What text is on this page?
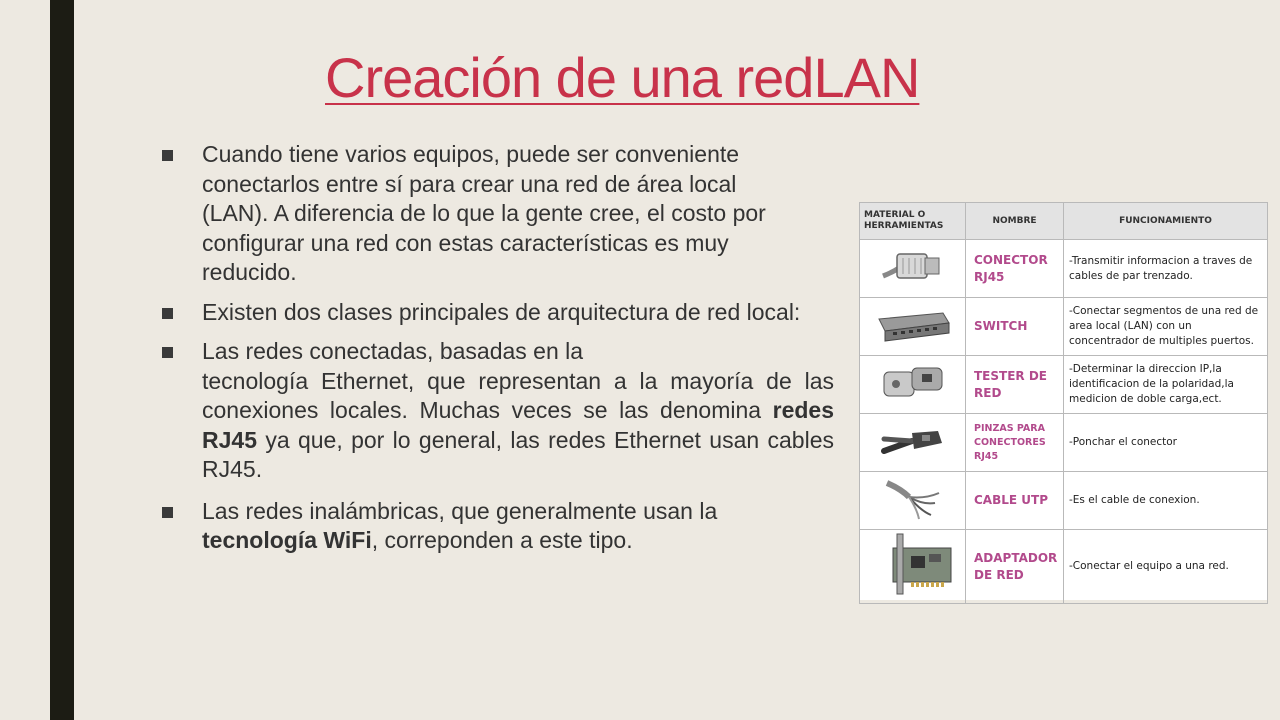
Creación de una redLAN
Cuando tiene varios equipos, puede ser conveniente conectarlos entre sí para crear una red de área local (LAN). A diferencia de lo que la gente cree, el costo por configurar una red con estas características es muy reducido.
Existen dos clases principales de arquitectura de red local:
Las redes conectadas, basadas en la
tecnología Ethernet, que representan a la mayoría de las conexiones locales. Muchas veces se las denomina redes RJ45 ya que, por lo general, las redes Ethernet usan cables RJ45.
Las redes inalámbricas, que generalmente usan la tecnología WiFi, correponden a este tipo.
MATERIAL O HERRAMIENTAS	NOMBRE	FUNCIONAMIENTO
	CONECTOR RJ45	-Transmitir informacion a traves de cables de par trenzado.
	SWITCH	-Conectar segmentos de una red de area local (LAN) con un concentrador de multiples puertos.
	TESTER DE RED	-Determinar la direccion IP,la identificacion de la polaridad,la medicion de doble carga,ect.
	PINZAS PARA CONECTORES RJ45	-Ponchar el conector
	CABLE UTP	-Es el cable de conexion.
	ADAPTADOR DE RED	-Conectar el equipo a una red.
